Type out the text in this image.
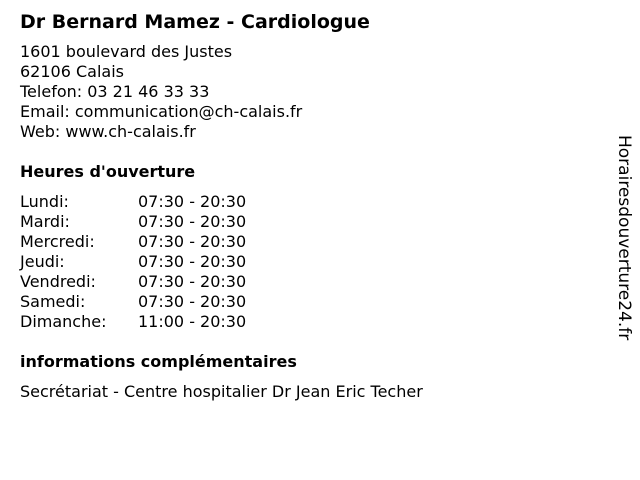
Dr Bernard Mamez - Cardiologue

1601 boulevard des Justes

62106 Calais

Telefon: 03 21 46 33 33

Email: communication@ch-calais.fr

Web: www.ch-calais.fr

Heures d'ouverture
Lundi:	07:30 - 20:30
Mardi:	07:30 - 20:30
Mercredi:	07:30 - 20:30
Jeudi:	07:30 - 20:30
Vendredi:	07:30 - 20:30
Samedi:	07:30 - 20:30
Dimanche:	11:00 - 20:30
informations complémentaires

Secrétariat - Centre hospitalier Dr Jean Eric Techer

Horairesdouverture24.fr
